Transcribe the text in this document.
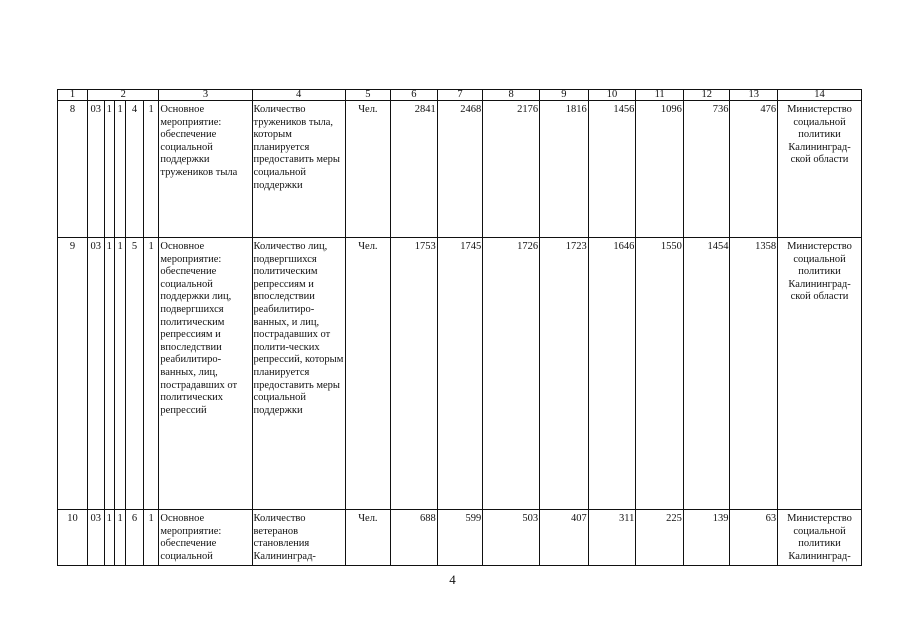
1	2					3	4	5	6	7	8	9	10	11	12	13	14
8	03	1	1	4	1	Основное мероприятие: обеспечение социальной поддержки тружеников тыла	Количество тружеников тыла, которым планируется предоставить меры социальной поддержки	Чел.	2841	2468	2176	1816	1456	1096	736	476	Министерство социальной политики Калининград-ской области
9	03	1	1	5	1	Основное мероприятие: обеспечение социальной поддержки лиц, подвергшихся политическим репрессиям и впоследствии реабилитиро-ванных, лиц, пострадавших от политических репрессий	Количество лиц, подвергшихся политическим репрессиям и впоследствии реабилитиро-ванных, и лиц, пострадавших от полити-ческих репрессий, которым планируется предоставить меры социальной поддержки	Чел.	1753	1745	1726	1723	1646	1550	1454	1358	Министерство социальной политики Калининград-ской области
10	03	1	1	6	1	Основное мероприятие: обеспечение социальной	Количество ветеранов становления Калининград-	Чел.	688	599	503	407	311	225	139	63	Министерство социальной политики Калининград-
4
